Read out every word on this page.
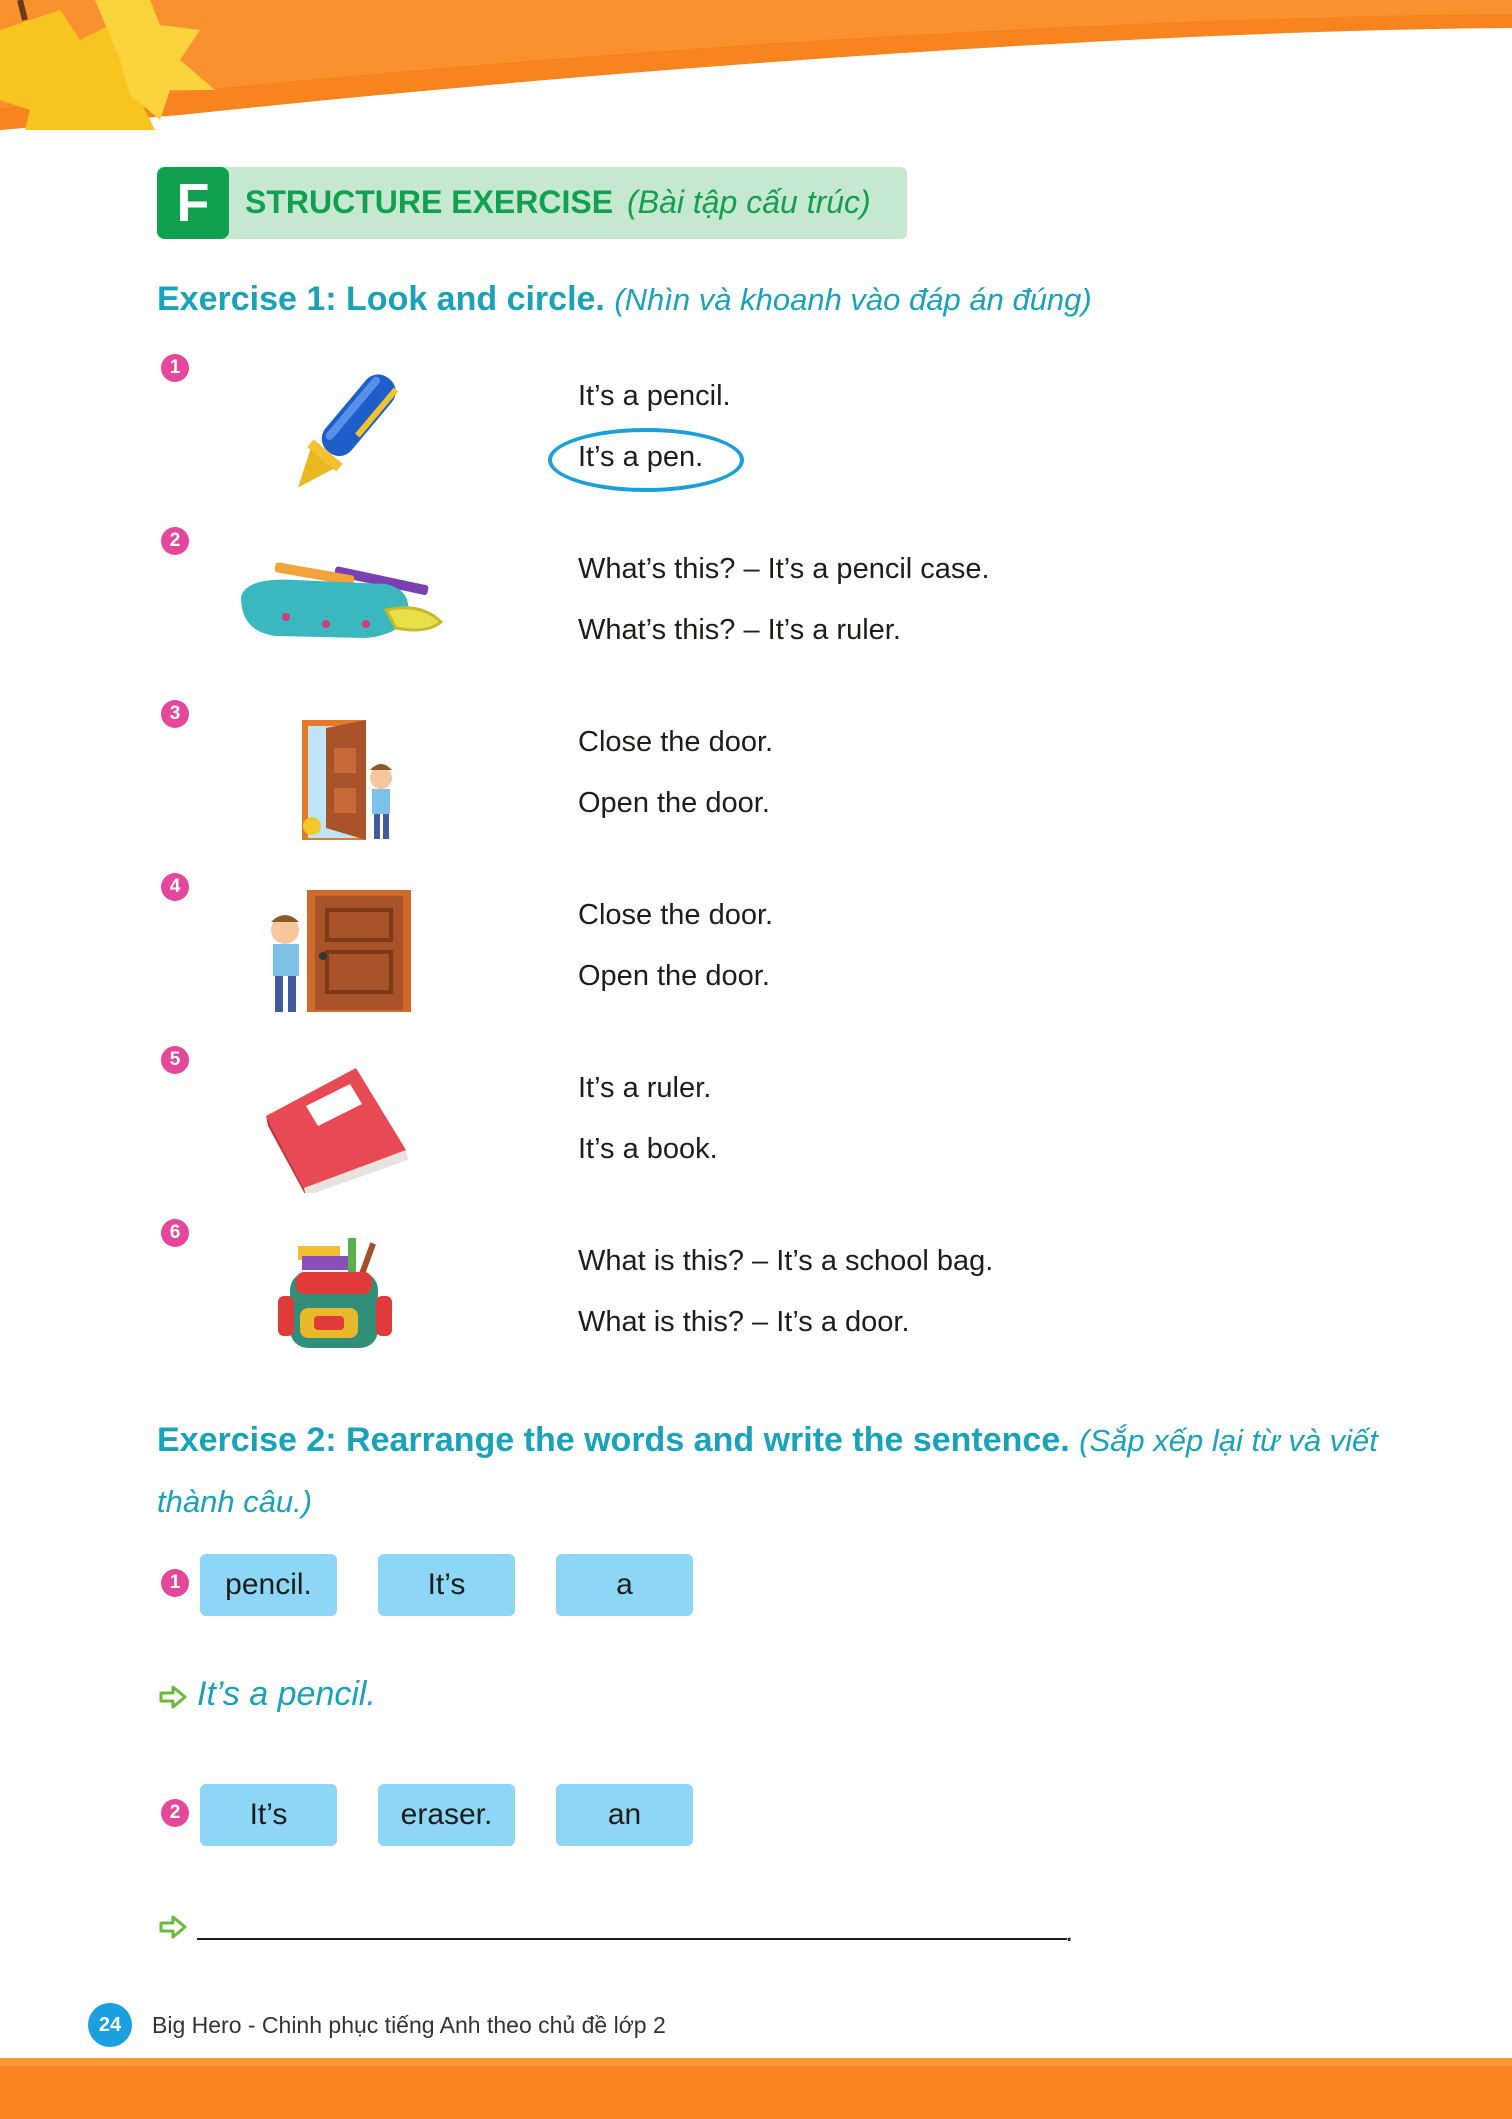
F	STRUCTURE EXERCISE (Bài tập cấu trúc)
Exercise 1: Look and circle. (Nhìn và khoanh vào đáp án đúng)
1
It’s a pencil.
It’s a pen.
2
What’s this? – It’s a pencil case.
What’s this? – It’s a ruler.
3
Close the door.
Open the door.
4
Close the door.
Open the door.
5
It’s a ruler.
It’s a book.
6
What is this? – It’s a school bag.
What is this? – It’s a door.
Exercise 2: Rearrange the words and write the sentence. (Sắp xếp lại từ và viết thành câu.)
1	pencil.	It’s	a
It’s a pencil.
2	It’s	eraser.	an
.
24	Big Hero - Chinh phục tiếng Anh theo chủ đề lớp 2
